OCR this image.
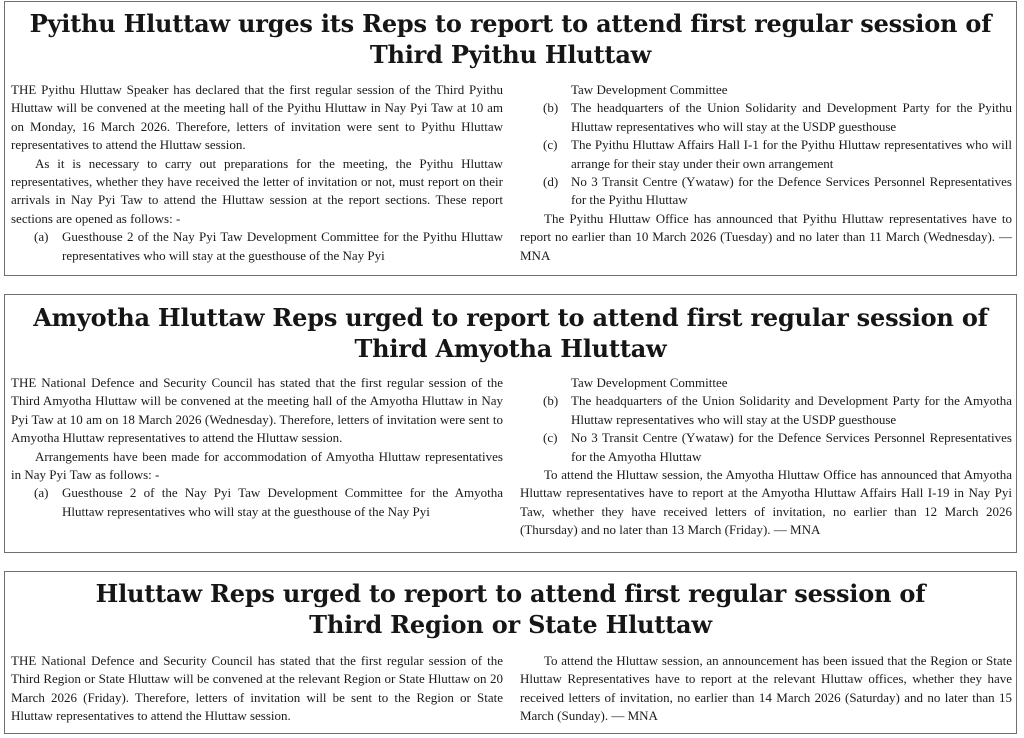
Pyithu Hluttaw urges its Reps to report to attend first regular session of
Third Pyithu Hluttaw

THE Pyithu Hluttaw Speaker has declared that the first regular session of the Third Pyithu Hluttaw will be convened at the meeting hall of the Pyithu Hluttaw in Nay Pyi Taw at 10 am on Monday, 16 March 2026. Therefore, letters of invitation were sent to Pyithu Hluttaw representatives to attend the Hluttaw session.

As it is necessary to carry out preparations for the meeting, the Pyithu Hluttaw representatives, whether they have received the letter of invitation or not, must report on their arrivals in Nay Pyi Taw to attend the Hluttaw session at the report sections. These report sections are opened as follows: -

(a) Guesthouse 2 of the Nay Pyi Taw Development Committee for the Pyithu Hluttaw representatives who will stay at the guesthouse of the Nay Pyi

Taw Development Committee

(b) The headquarters of the Union Solidarity and Development Party for the Pyithu Hluttaw representatives who will stay at the USDP guesthouse

(c) The Pyithu Hluttaw Affairs Hall I-1 for the Pyithu Hluttaw representatives who will arrange for their stay under their own arrangement

(d) No 3 Transit Centre (Ywataw) for the Defence Services Personnel Representatives for the Pyithu Hluttaw

The Pyithu Hluttaw Office has announced that Pyithu Hluttaw representatives have to report no earlier than 10 March 2026 (Tuesday) and no later than 11 March (Wednesday). — MNA

Amyotha Hluttaw Reps urged to report to attend first regular session of
Third Amyotha Hluttaw

THE National Defence and Security Council has stated that the first regular session of the Third Amyotha Hluttaw will be convened at the meeting hall of the Amyotha Hluttaw in Nay Pyi Taw at 10 am on 18 March 2026 (Wednesday). Therefore, letters of invitation were sent to Amyotha Hluttaw representatives to attend the Hluttaw session.

Arrangements have been made for accommodation of Amyotha Hluttaw representatives in Nay Pyi Taw as follows: -

(a) Guesthouse 2 of the Nay Pyi Taw Development Committee for the Amyotha Hluttaw representatives who will stay at the guesthouse of the Nay Pyi

Taw Development Committee

(b) The headquarters of the Union Solidarity and Development Party for the Amyotha Hluttaw representatives who will stay at the USDP guesthouse

(c) No 3 Transit Centre (Ywataw) for the Defence Services Personnel Representatives for the Amyotha Hluttaw

To attend the Hluttaw session, the Amyotha Hluttaw Office has announced that Amyotha Hluttaw representatives have to report at the Amyotha Hluttaw Affairs Hall I-19 in Nay Pyi Taw, whether they have received letters of invitation, no earlier than 12 March 2026 (Thursday) and no later than 13 March (Friday). — MNA

Hluttaw Reps urged to report to attend first regular session of
Third Region or State Hluttaw

THE National Defence and Security Council has stated that the first regular session of the Third Region or State Hluttaw will be convened at the relevant Region or State Hluttaw on 20 March 2026 (Friday). Therefore, letters of invitation will be sent to the Region or State Hluttaw representatives to attend the Hluttaw session.

To attend the Hluttaw session, an announcement has been issued that the Region or State Hluttaw Representatives have to report at the relevant Hluttaw offices, whether they have received letters of invitation, no earlier than 14 March 2026 (Saturday) and no later than 15 March (Sunday). — MNA
